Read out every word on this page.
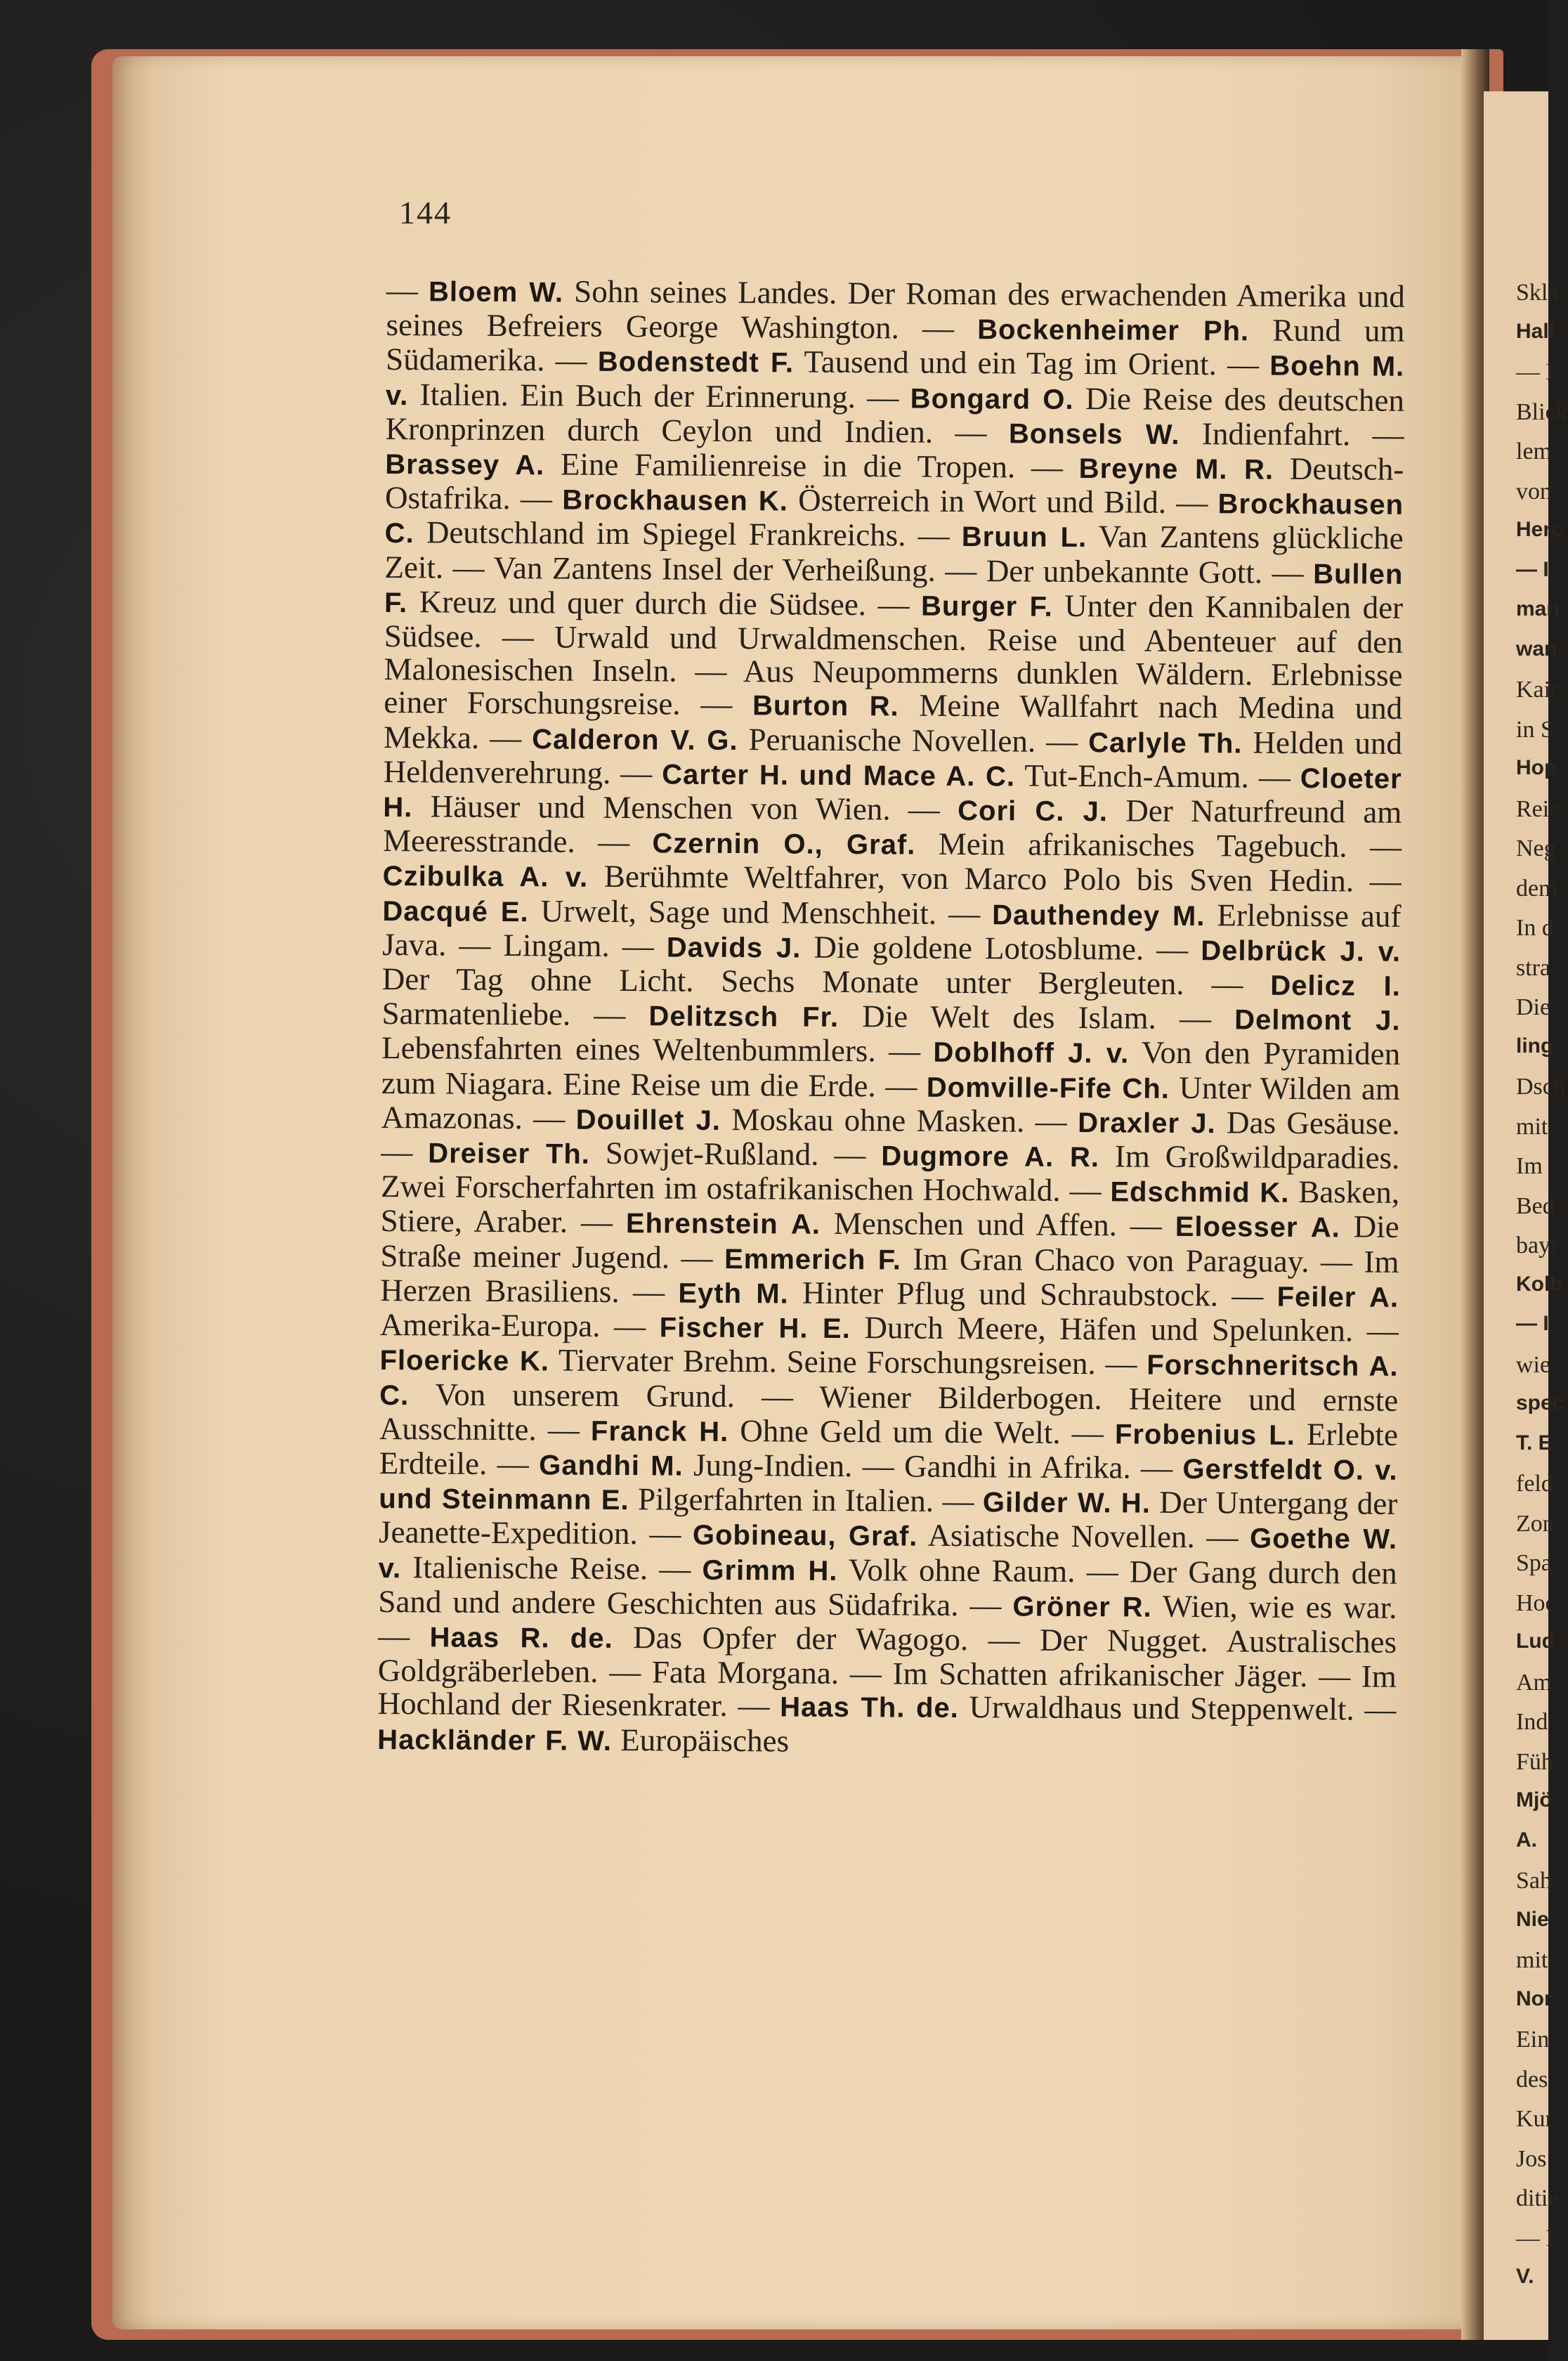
Skla
Hall
— I
Blick
lem.
von
Herc
— I
man
wan
Kair
in S
Hop
Reic
Neg
dem
In d
stra
Die
ling
Dsch
mit
Im
Bed
bayr
Kolb
— I
wie
spec
T. E
feld
Zon
Spa
Hoc
Lud
Am
Ind
Füh
Mjö
A.
Sah
Nie
mit
Nor
Ein
des
Kur
Jos
ditie
— I
V.
144
— Bloem W. Sohn seines Landes. Der Roman des erwachenden Amerika und seines Befreiers George Washington. — Bockenheimer Ph. Rund um Südamerika. — Bodenstedt F. Tausend und ein Tag im Orient. — Boehn M. v. Italien. Ein Buch der Erinnerung. — Bongard O. Die Reise des deutschen Kronprinzen durch Ceylon und Indien. — Bonsels W. Indienfahrt. — Brassey A. Eine Familienreise in die Tropen. — Breyne M. R. Deutsch-Ostafrika. — Brockhausen K. Österreich in Wort und Bild. — Brockhausen C. Deutschland im Spiegel Frankreichs. — Bruun L. Van Zantens glückliche Zeit. — Van Zantens Insel der Verheißung. — Der unbekannte Gott. — Bullen F. Kreuz und quer durch die Südsee. — Burger F. Unter den Kannibalen der Südsee. — Urwald und Urwaldmenschen. Reise und Abenteuer auf den Malonesischen Inseln. — Aus Neupommerns dunklen Wäldern. Erlebnisse einer Forschungsreise. — Burton R. Meine Wallfahrt nach Medina und Mekka. — Calderon V. G. Peruanische Novellen. — Carlyle Th. Helden und Heldenverehrung. — Carter H. und Mace A. C. Tut-Ench-Amum. — Cloeter H. Häuser und Menschen von Wien. — Cori C. J. Der Naturfreund am Meeresstrande. — Czernin O., Graf. Mein afrikanisches Tagebuch. — Czibulka A. v. Berühmte Weltfahrer, von Marco Polo bis Sven Hedin. — Dacqué E. Urwelt, Sage und Menschheit. — Dauthendey M. Erlebnisse auf Java. — Lingam. — Davids J. Die goldene Lotosblume. — Delbrück J. v. Der Tag ohne Licht. Sechs Monate unter Bergleuten. — Delicz I. Sarmatenliebe. — Delitzsch Fr. Die Welt des Islam. — Delmont J. Lebensfahrten eines Weltenbummlers. — Doblhoff J. v. Von den Pyramiden zum Niagara. Eine Reise um die Erde. — Domville-Fife Ch. Unter Wilden am Amazonas. — Douillet J. Moskau ohne Masken. — Draxler J. Das Gesäuse. — Dreiser Th. Sowjet-Rußland. — Dugmore A. R. Im Großwildparadies. Zwei Forscherfahrten im ostafrikanischen Hochwald. — Edschmid K. Basken, Stiere, Araber. — Ehrenstein A. Menschen und Affen. — Eloesser A. Die Straße meiner Jugend. — Emmerich F. Im Gran Chaco von Paraguay. — Im Herzen Brasiliens. — Eyth M. Hinter Pflug und Schraubstock. — Feiler A. Amerika-Europa. — Fischer H. E. Durch Meere, Häfen und Spelunken. — Floericke K. Tiervater Brehm. Seine Forschungsreisen. — Forschneritsch A. C. Von unserem Grund. — Wiener Bilderbogen. Heitere und ernste Ausschnitte. — Franck H. Ohne Geld um die Welt. — Frobenius L. Erlebte Erdteile. — Gandhi M. Jung-Indien. — Gandhi in Afrika. — Gerstfeldt O. v. und Steinmann E. Pilgerfahrten in Italien. — Gilder W. H. Der Untergang der Jeanette-Expedition. — Gobineau, Graf. Asiatische Novellen. — Goethe W. v. Italienische Reise. — Grimm H. Volk ohne Raum. — Der Gang durch den Sand und andere Geschichten aus Südafrika. — Gröner R. Wien, wie es war. — Haas R. de. Das Opfer der Wagogo. — Der Nugget. Australisches Goldgräberleben. — Fata Morgana. — Im Schatten afrikanischer Jäger. — Im Hochland der Riesenkrater. — Haas Th. de. Urwaldhaus und Steppenwelt. — Hackländer F. W. Europäisches
